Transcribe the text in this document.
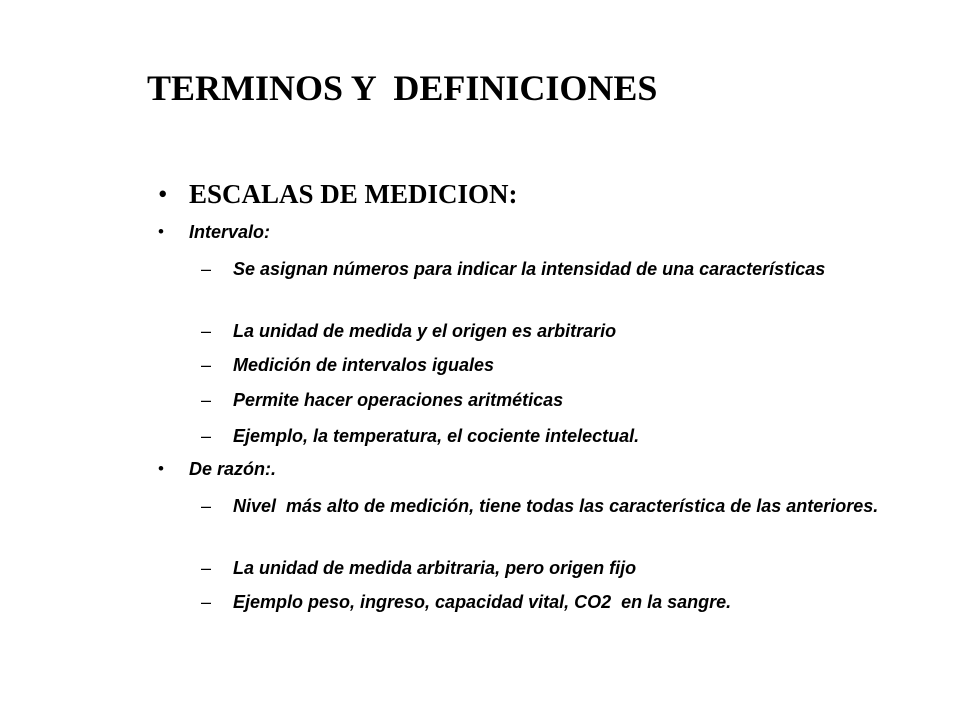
TERMINOS Y  DEFINICIONES
• ESCALAS DE MEDICION:
• Intervalo:
– Se asignan números para indicar la intensidad de una características
– La unidad de medida y el origen es arbitrario
– Medición de intervalos iguales
– Permite hacer operaciones aritméticas
– Ejemplo, la temperatura, el cociente intelectual.
• De razón:.
– Nivel  más alto de medición, tiene todas las característica de las anteriores.
– La unidad de medida arbitraria, pero origen fijo
– Ejemplo peso, ingreso, capacidad vital, CO2  en la sangre.
